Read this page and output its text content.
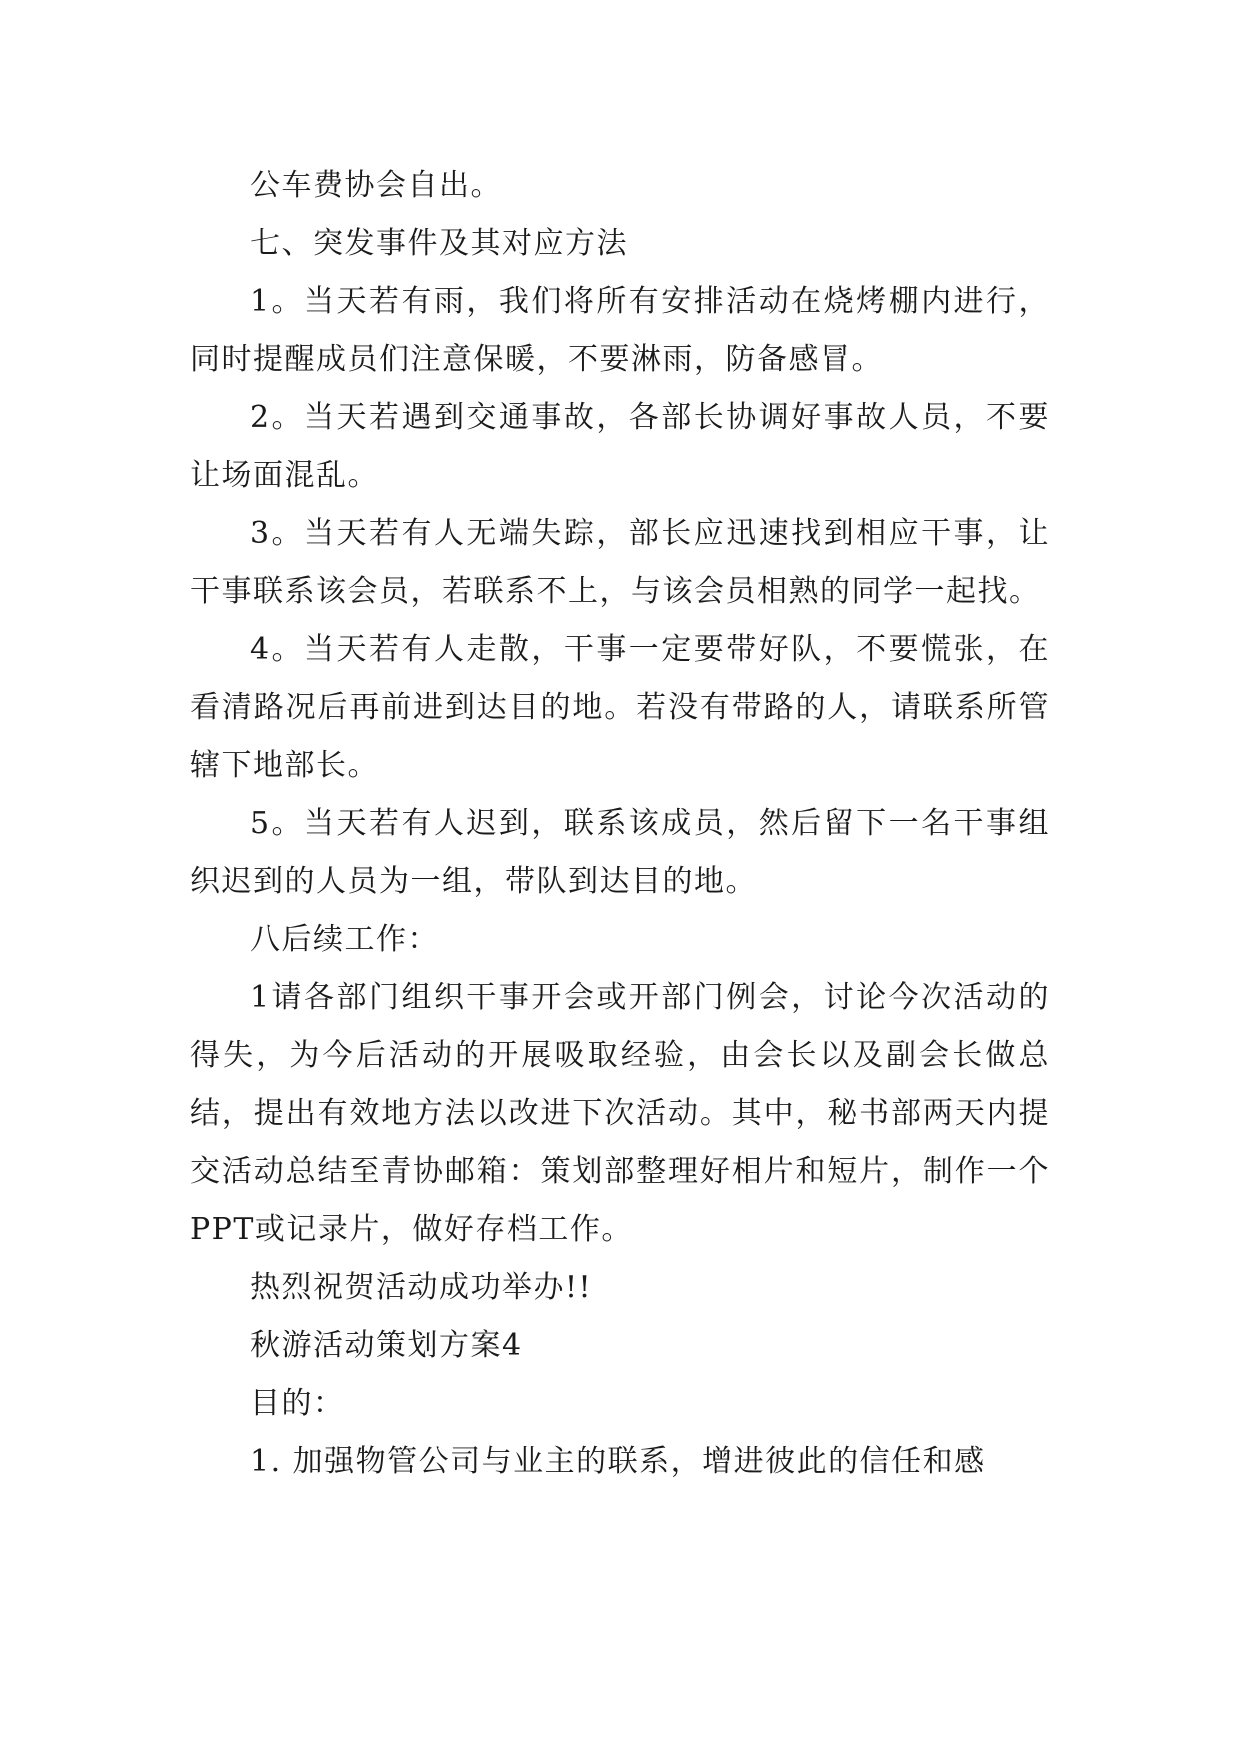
公车费协会自出。

七、突发事件及其对应方法

1。当天若有雨，我们将所有安排活动在烧烤棚内进行，同时提醒成员们注意保暖，不要淋雨，防备感冒。

2。当天若遇到交通事故，各部长协调好事故人员，不要让场面混乱。

3。当天若有人无端失踪，部长应迅速找到相应干事，让干事联系该会员，若联系不上，与该会员相熟的同学一起找。

4。当天若有人走散，干事一定要带好队，不要慌张，在看清路况后再前进到达目的地。若没有带路的人，请联系所管辖下地部长。

5。当天若有人迟到，联系该成员，然后留下一名干事组织迟到的人员为一组，带队到达目的地。

八后续工作：

1请各部门组织干事开会或开部门例会，讨论今次活动的得失，为今后活动的开展吸取经验，由会长以及副会长做总结，提出有效地方法以改进下次活动。其中，秘书部两天内提交活动总结至青协邮箱：策划部整理好相片和短片，制作一个PPT或记录片，做好存档工作。

热烈祝贺活动成功举办!!

秋游活动策划方案4

目的：

1. 加强物管公司与业主的联系，增进彼此的信任和感
